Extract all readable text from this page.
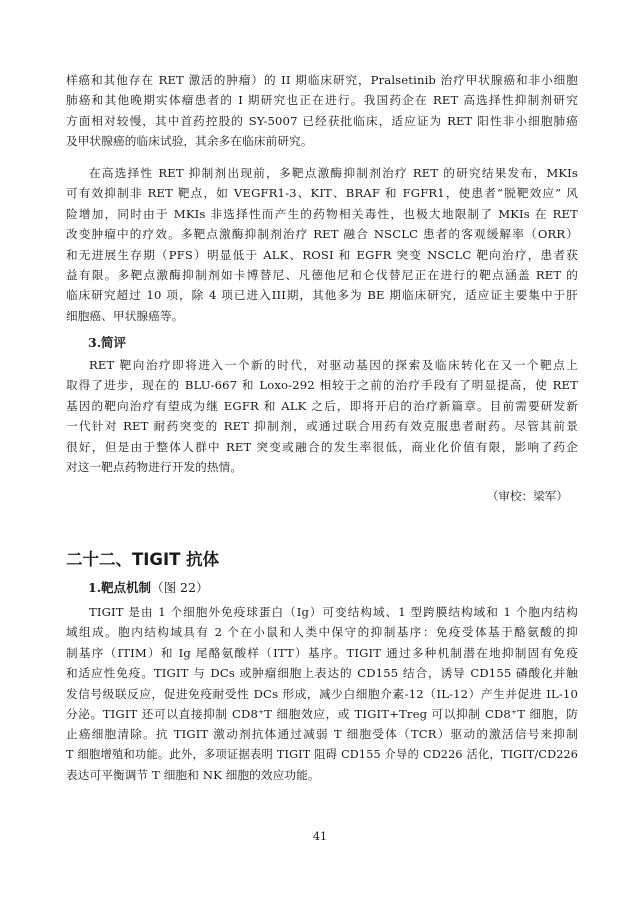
样癌和其他存在 RET 激活的肿瘤）的 II 期临床研究，Pralsetinib 治疗甲状腺癌和非小细胞
肺癌和其他晚期实体瘤患者的 I 期研究也正在进行。我国药企在 RET 高选择性抑制剂研究
方面相对较慢，其中首药控股的 SY-5007 已经获批临床，适应证为 RET 阳性非小细胞肺癌
及甲状腺癌的临床试验，其余多在临床前研究。
在高选择性 RET 抑制剂出现前，多靶点激酶抑制剂治疗 RET 的研究结果发布，MKIs
可有效抑制非 RET 靶点，如 VEGFR1-3、KIT、BRAF 和 FGFR1，使患者“脱靶效应” 风
险增加，同时由于 MKIs 非选择性而产生的药物相关毒性，也极大地限制了 MKIs 在 RET
改变肿瘤中的疗效。多靶点激酶抑制剂治疗 RET 融合 NSCLC 患者的客观缓解率（ORR）
和无进展生存期（PFS）明显低于 ALK、ROSI 和 EGFR 突变 NSCLC 靶向治疗，患者获
益有限。多靶点激酶抑制剂如卡博替尼、凡德他尼和仑伐替尼正在进行的靶点涵盖 RET 的
临床研究超过 10 项，除 4 项已进入III期，其他多为 BE 期临床研究，适应证主要集中于肝
细胞癌、甲状腺癌等。

3.简评

RET 靶向治疗即将进入一个新的时代，对驱动基因的探索及临床转化在又一个靶点上
取得了进步，现在的 BLU-667 和 Loxo-292 相较于之前的治疗手段有了明显提高，使 RET
基因的靶向治疗有望成为继 EGFR 和 ALK 之后，即将开启的治疗新篇章。目前需要研发新
一代针对 RET 耐药突变的 RET 抑制剂，或通过联合用药有效克服患者耐药。尽管其前景
很好，但是由于整体人群中 RET 突变或融合的发生率很低，商业化价值有限，影响了药企
对这一靶点药物进行开发的热情。

（审校：梁军）

二十二、TIGIT 抗体

1.靶点机制（图 22）

TIGIT 是由 1 个细胞外免疫球蛋白（Ig）可变结构域、1 型跨膜结构域和 1 个胞内结构
域组成。胞内结构域具有 2 个在小鼠和人类中保守的抑制基序：免疫受体基于酪氨酸的抑
制基序（ITIM）和 Ig 尾酪氨酸样（ITT）基序。TIGIT 通过多种机制潜在地抑制固有免疫
和适应性免疫。TIGIT 与 DCs 或肿瘤细胞上表达的 CD155 结合，诱导 CD155 磷酸化并触
发信号级联反应，促进免疫耐受性 DCs 形成，减少白细胞介素-12（IL-12）产生并促进 IL-10
分泌。TIGIT 还可以直接抑制 CD8⁺T 细胞效应，或 TIGIT+Treg 可以抑制 CD8⁺T 细胞，防
止癌细胞清除。抗 TIGIT 激动剂抗体通过减弱 T 细胞受体（TCR）驱动的激活信号来抑制
T 细胞增殖和功能。此外，多项证据表明 TIGIT 阻碍 CD155 介导的 CD226 活化，TIGIT/CD226
表达可平衡调节 T 细胞和 NK 细胞的效应功能。

41
